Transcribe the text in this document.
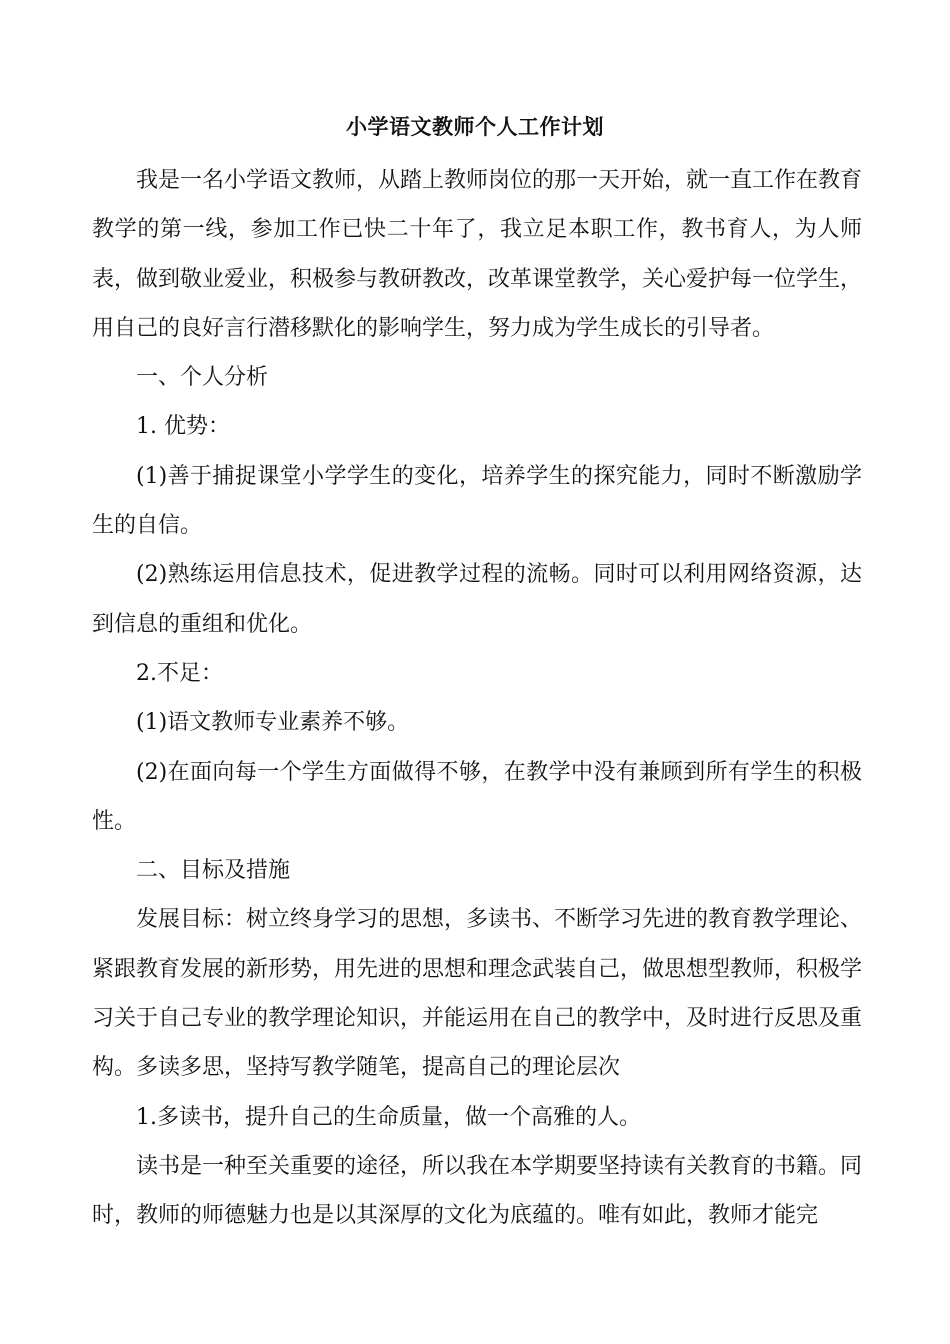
小学语文教师个人工作计划

我是一名小学语文教师，从踏上教师岗位的那一天开始，就一直工作在教育教学的第一线，参加工作已快二十年了，我立足本职工作，教书育人，为人师表，做到敬业爱业，积极参与教研教改，改革课堂教学，关心爱护每一位学生，用自己的良好言行潜移默化的影响学生，努力成为学生成长的引导者。

一、个人分析

1. 优势：

(1)善于捕捉课堂小学学生的变化，培养学生的探究能力，同时不断激励学生的自信。

(2)熟练运用信息技术，促进教学过程的流畅。同时可以利用网络资源，达到信息的重组和优化。

2.不足：

(1)语文教师专业素养不够。

(2)在面向每一个学生方面做得不够，在教学中没有兼顾到所有学生的积极性。

二、目标及措施

发展目标：树立终身学习的思想，多读书、不断学习先进的教育教学理论、紧跟教育发展的新形势，用先进的思想和理念武装自己，做思想型教师，积极学习关于自己专业的教学理论知识，并能运用在自己的教学中，及时进行反思及重构。多读多思，坚持写教学随笔，提高自己的理论层次

1.多读书，提升自己的生命质量，做一个高雅的人。

读书是一种至关重要的途径，所以我在本学期要坚持读有关教育的书籍。同时，教师的师德魅力也是以其深厚的文化为底蕴的。唯有如此，教师才能完
